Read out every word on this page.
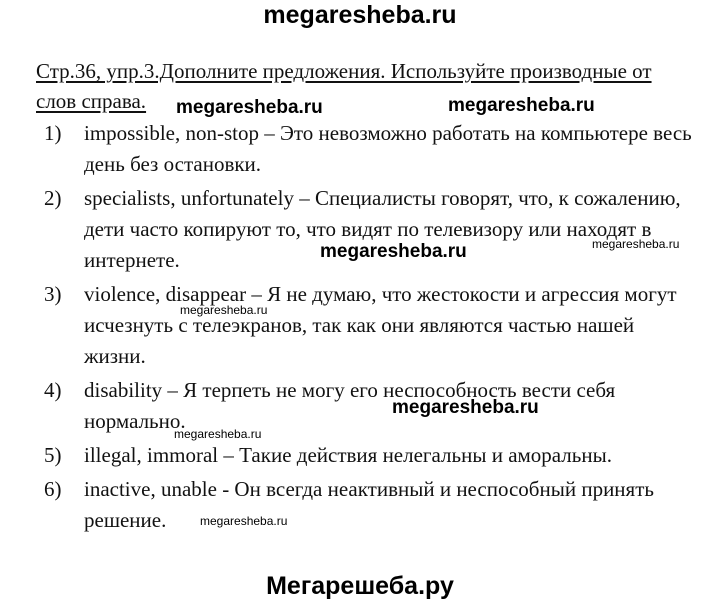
megaresheba.ru
Стр.36, упр.3.Дополните предложения. Используйте производные от слов справа.
1) impossible, non-stop – Это невозможно работать на компьютере весь день без остановки.
2) specialists, unfortunately – Специалисты говорят, что, к сожалению, дети часто копируют то, что видят по телевизору или находят в интернете.
3) violence, disappear – Я не думаю, что жестокости и агрессия могут исчезнуть с телеэкранов, так как они являются частью нашей жизни.
4) disability – Я терпеть не могу его неспособность вести себя нормально.
5) illegal, immoral – Такие действия нелегальны и аморальны.
6) inactive, unable - Он всегда неактивный и неспособный принять решение.
megaresheba.ru	megaresheba.ru
megaresheba.ru	megaresheba.ru
megaresheba.ru
megaresheba.ru
megaresheba.ru
megaresheba.ru
Мегарешеба.ру
